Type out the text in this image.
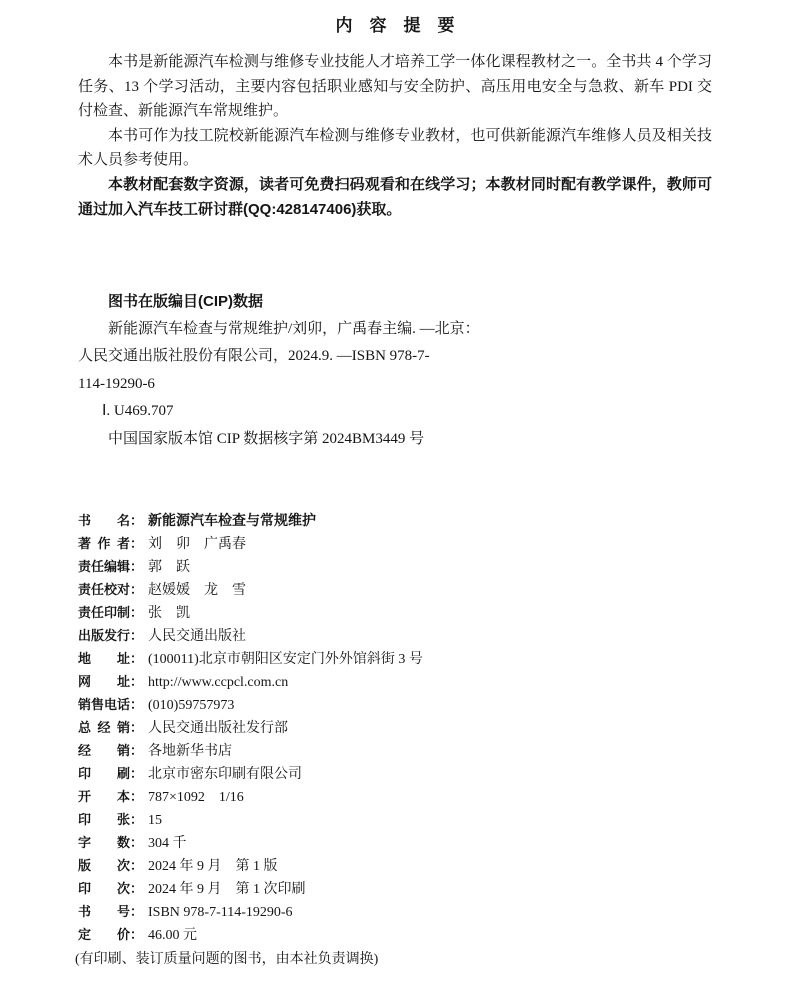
内　容　提　要

本书是新能源汽车检测与维修专业技能人才培养工学一体化课程教材之一。全书共 4 个学习任务、13 个学习活动，主要内容包括职业感知与安全防护、高压用电安全与急救、新车 PDI 交付检查、新能源汽车常规维护。

本书可作为技工院校新能源汽车检测与维修专业教材，也可供新能源汽车维修人员及相关技术人员参考使用。

本教材配套数字资源，读者可免费扫码观看和在线学习；本教材同时配有教学课件，教师可通过加入汽车技工研讨群(QQ:428147406)获取。

图书在版编目(CIP)数据
新能源汽车检查与常规维护/刘卯，广禹春主编. —北京：
人民交通出版社股份有限公司，2024.9. —ISBN 978-7-
114-19290-6
Ⅰ. U469.707
中国国家版本馆 CIP 数据核字第 2024BM3449 号
书名： 新能源汽车检查与常规维护
著作者： 刘　卯　广禹春
责任编辑： 郭　跃
责任校对： 赵媛媛　龙　雪
责任印制： 张　凯
出版发行： 人民交通出版社
地址： (100011)北京市朝阳区安定门外外馆斜街 3 号
网址： http://www.ccpcl.com.cn
销售电话： (010)59757973
总经销： 人民交通出版社发行部
经销： 各地新华书店
印刷： 北京市密东印刷有限公司
开本： 787×1092　1/16
印张： 15
字数： 304 千
版次： 2024 年 9 月　第 1 版
印次： 2024 年 9 月　第 1 次印刷
书号： ISBN 978-7-114-19290-6
定价： 46.00 元
(有印刷、装订质量问题的图书，由本社负责调换)
